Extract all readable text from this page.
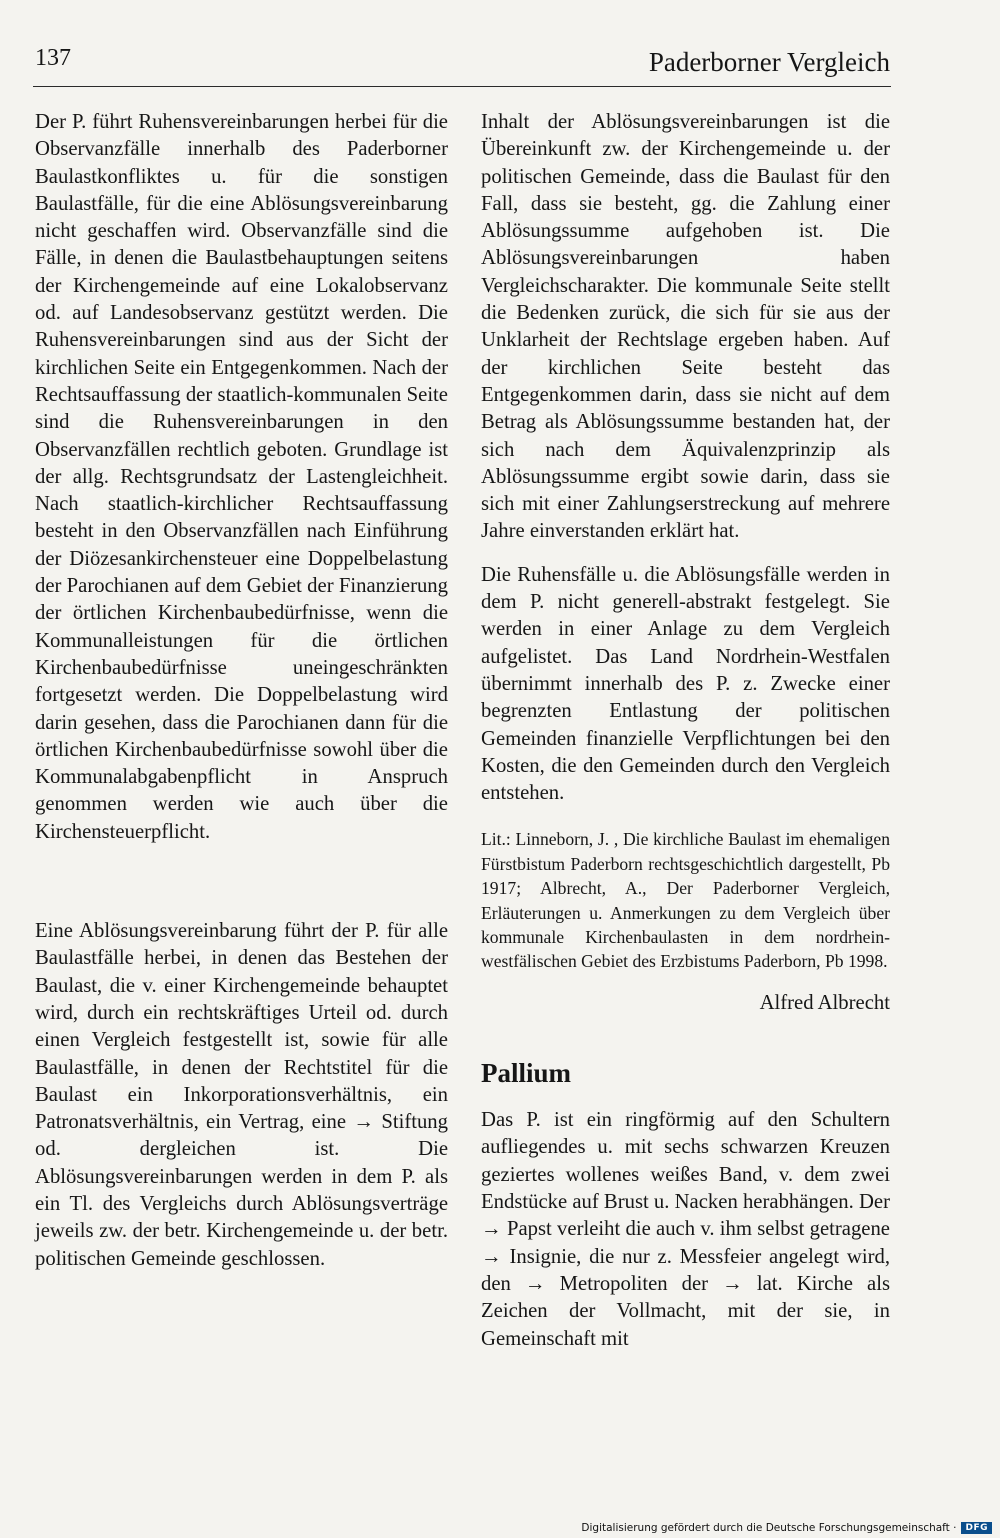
137	Paderborner Vergleich

Der P. führt Ruhensvereinbarungen herbei für die Observanzfälle innerhalb des Paderborner Baulastkonfliktes u. für die sonstigen Baulastfälle, für die eine Ablösungsvereinbarung nicht geschaffen wird. Observanzfälle sind die Fälle, in denen die Baulastbehauptungen seitens der Kirchengemeinde auf eine Lokalobservanz od. auf Landesobservanz gestützt werden. Die Ruhensvereinbarungen sind aus der Sicht der kirchlichen Seite ein Entgegenkommen. Nach der Rechtsauffassung der staatlich-kommunalen Seite sind die Ruhensvereinbarungen in den Observanzfällen rechtlich geboten. Grundlage ist der allg. Rechtsgrundsatz der Lastengleichheit. Nach staatlich-kirchlicher Rechtsauffassung besteht in den Observanzfällen nach Einführung der Diözesankirchensteuer eine Doppelbelastung der Parochianen auf dem Gebiet der Finanzierung der örtlichen Kirchenbaubedürfnisse, wenn die Kommunalleistungen für die örtlichen Kirchenbaubedürfnisse uneingeschränkten fortgesetzt werden. Die Doppelbelastung wird darin gesehen, dass die Parochianen dann für die örtlichen Kirchenbaubedürfnisse sowohl über die Kommunalabgabenpflicht in Anspruch genommen werden wie auch über die Kirchensteuerpflicht.

Eine Ablösungsvereinbarung führt der P. für alle Baulastfälle herbei, in denen das Bestehen der Baulast, die v. einer Kirchengemeinde behauptet wird, durch ein rechtskräftiges Urteil od. durch einen Vergleich festgestellt ist, sowie für alle Baulastfälle, in denen der Rechtstitel für die Baulast ein Inkorporationsverhältnis, ein Patronatsverhältnis, ein Vertrag, eine → Stiftung od. dergleichen ist. Die Ablösungsvereinbarungen werden in dem P. als ein Tl. des Vergleichs durch Ablösungsverträge jeweils zw. der betr. Kirchengemeinde u. der betr. politischen Gemeinde geschlossen.

Inhalt der Ablösungsvereinbarungen ist die Übereinkunft zw. der Kirchengemeinde u. der politischen Gemeinde, dass die Baulast für den Fall, dass sie besteht, gg. die Zahlung einer Ablösungssumme aufgehoben ist. Die Ablösungsvereinbarungen haben Vergleichscharakter. Die kommunale Seite stellt die Bedenken zurück, die sich für sie aus der Unklarheit der Rechtslage ergeben haben. Auf der kirchlichen Seite besteht das Entgegenkommen darin, dass sie nicht auf dem Betrag als Ablösungssumme bestanden hat, der sich nach dem Äquivalenzprinzip als Ablösungssumme ergibt sowie darin, dass sie sich mit einer Zahlungserstreckung auf mehrere Jahre einverstanden erklärt hat.

Die Ruhensfälle u. die Ablösungsfälle werden in dem P. nicht generell-abstrakt festgelegt. Sie werden in einer Anlage zu dem Vergleich aufgelistet. Das Land Nordrhein-Westfalen übernimmt innerhalb des P. z. Zwecke einer begrenzten Entlastung der politischen Gemeinden finanzielle Verpflichtungen bei den Kosten, die den Gemeinden durch den Vergleich entstehen.

Lit.: Linneborn, J. , Die kirchliche Baulast im ehemaligen Fürstbistum Paderborn rechtsgeschichtlich dargestellt, Pb 1917; Albrecht, A., Der Paderborner Vergleich, Erläuterungen u. Anmerkungen zu dem Vergleich über kommunale Kirchenbaulasten in dem nordrhein-westfälischen Gebiet des Erzbistums Paderborn, Pb 1998.

Alfred Albrecht

Pallium

Das P. ist ein ringförmig auf den Schultern aufliegendes u. mit sechs schwarzen Kreuzen geziertes wollenes weißes Band, v. dem zwei Endstücke auf Brust u. Nacken herabhängen. Der → Papst verleiht die auch v. ihm selbst getragene → Insignie, die nur z. Messfeier angelegt wird, den → Metropoliten der → lat. Kirche als Zeichen der Vollmacht, mit der sie, in Gemeinschaft mit

Digitalisierung gefördert durch die Deutsche Forschungsgemeinschaft ·	DFG
